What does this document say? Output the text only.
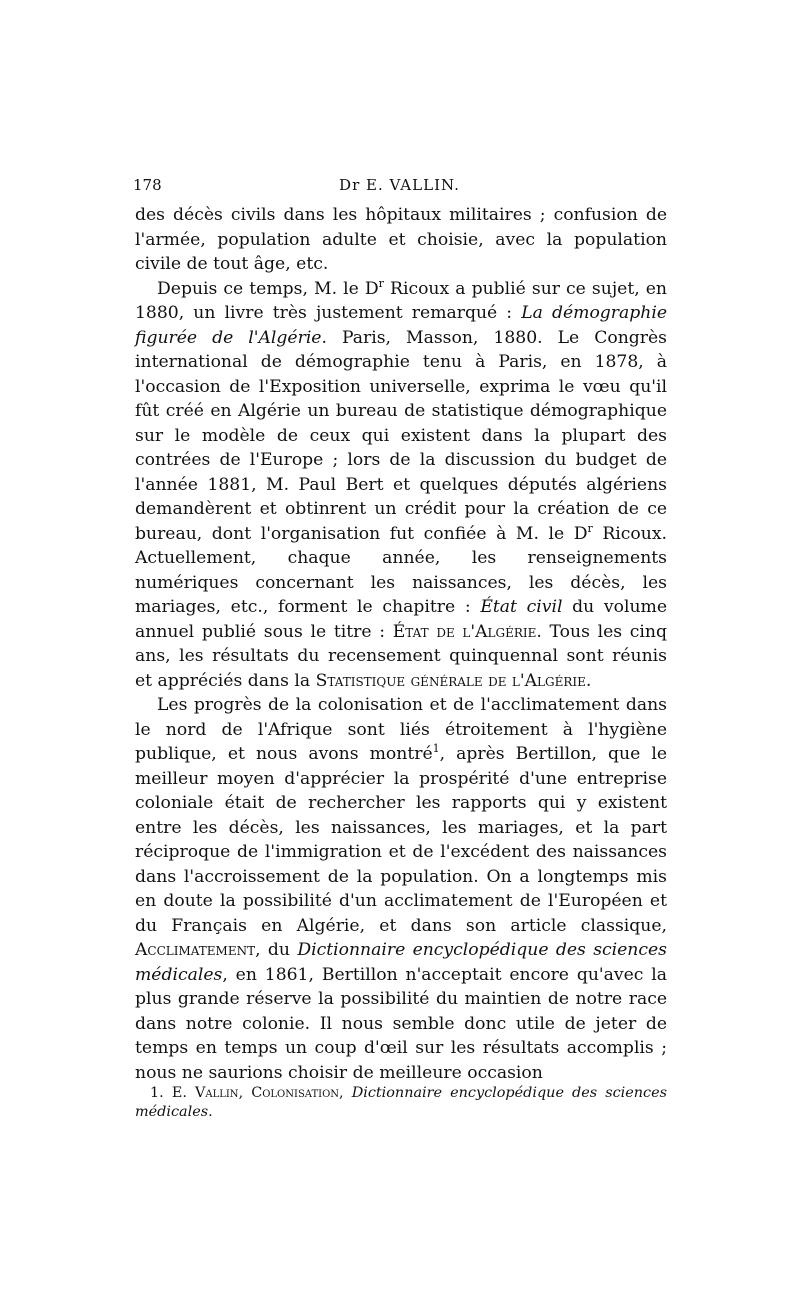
178	Dr E. VALLIN.

des décès civils dans les hôpitaux militaires ; confusion de l'armée, population adulte et choisie, avec la population civile de tout âge, etc.

Depuis ce temps, M. le $D^r$ Ricoux a publié sur ce sujet, en 1880, un livre très justement remarqué : La démographie figurée de l'Algérie. Paris, Masson, 1880. Le Congrès international de démographie tenu à Paris, en 1878, à l'occasion de l'Exposition universelle, exprima le vœu qu'il fût créé en Algérie un bureau de statistique démographique sur le modèle de ceux qui existent dans la plupart des contrées de l'Europe ; lors de la discussion du budget de l'année 1881, M. Paul Bert et quelques députés algériens demandèrent et obtinrent un crédit pour la création de ce bureau, dont l'organisation fut confiée à M. le $D^r$ Ricoux. Actuellement, chaque année, les renseignements numériques concernant les naissances, les décès, les mariages, etc., forment le chapitre : État civil du volume annuel publié sous le titre : État de l'Algérie. Tous les cinq ans, les résultats du recensement quinquennal sont réunis et appréciés dans la Statistique générale de l'Algérie.

Les progrès de la colonisation et de l'acclimatement dans le nord de l'Afrique sont liés étroitement à l'hygiène publique, et nous avons montré$^1$, après Bertillon, que le meilleur moyen d'apprécier la prospérité d'une entreprise coloniale était de rechercher les rapports qui y existent entre les décès, les naissances, les mariages, et la part réciproque de l'immigration et de l'excédent des naissances dans l'accroissement de la population. On a longtemps mis en doute la possibilité d'un acclimatement de l'Européen et du Français en Algérie, et dans son article classique, Acclimatement, du Dictionnaire encyclopédique des sciences médicales, en 1861, Bertillon n'acceptait encore qu'avec la plus grande réserve la possibilité du maintien de notre race dans notre colonie. Il nous semble donc utile de jeter de temps en temps un coup d'œil sur les résultats accomplis ; nous ne saurions choisir de meilleure occasion

1. E. Vallin, Colonisation, Dictionnaire encyclopédique des sciences médicales.
